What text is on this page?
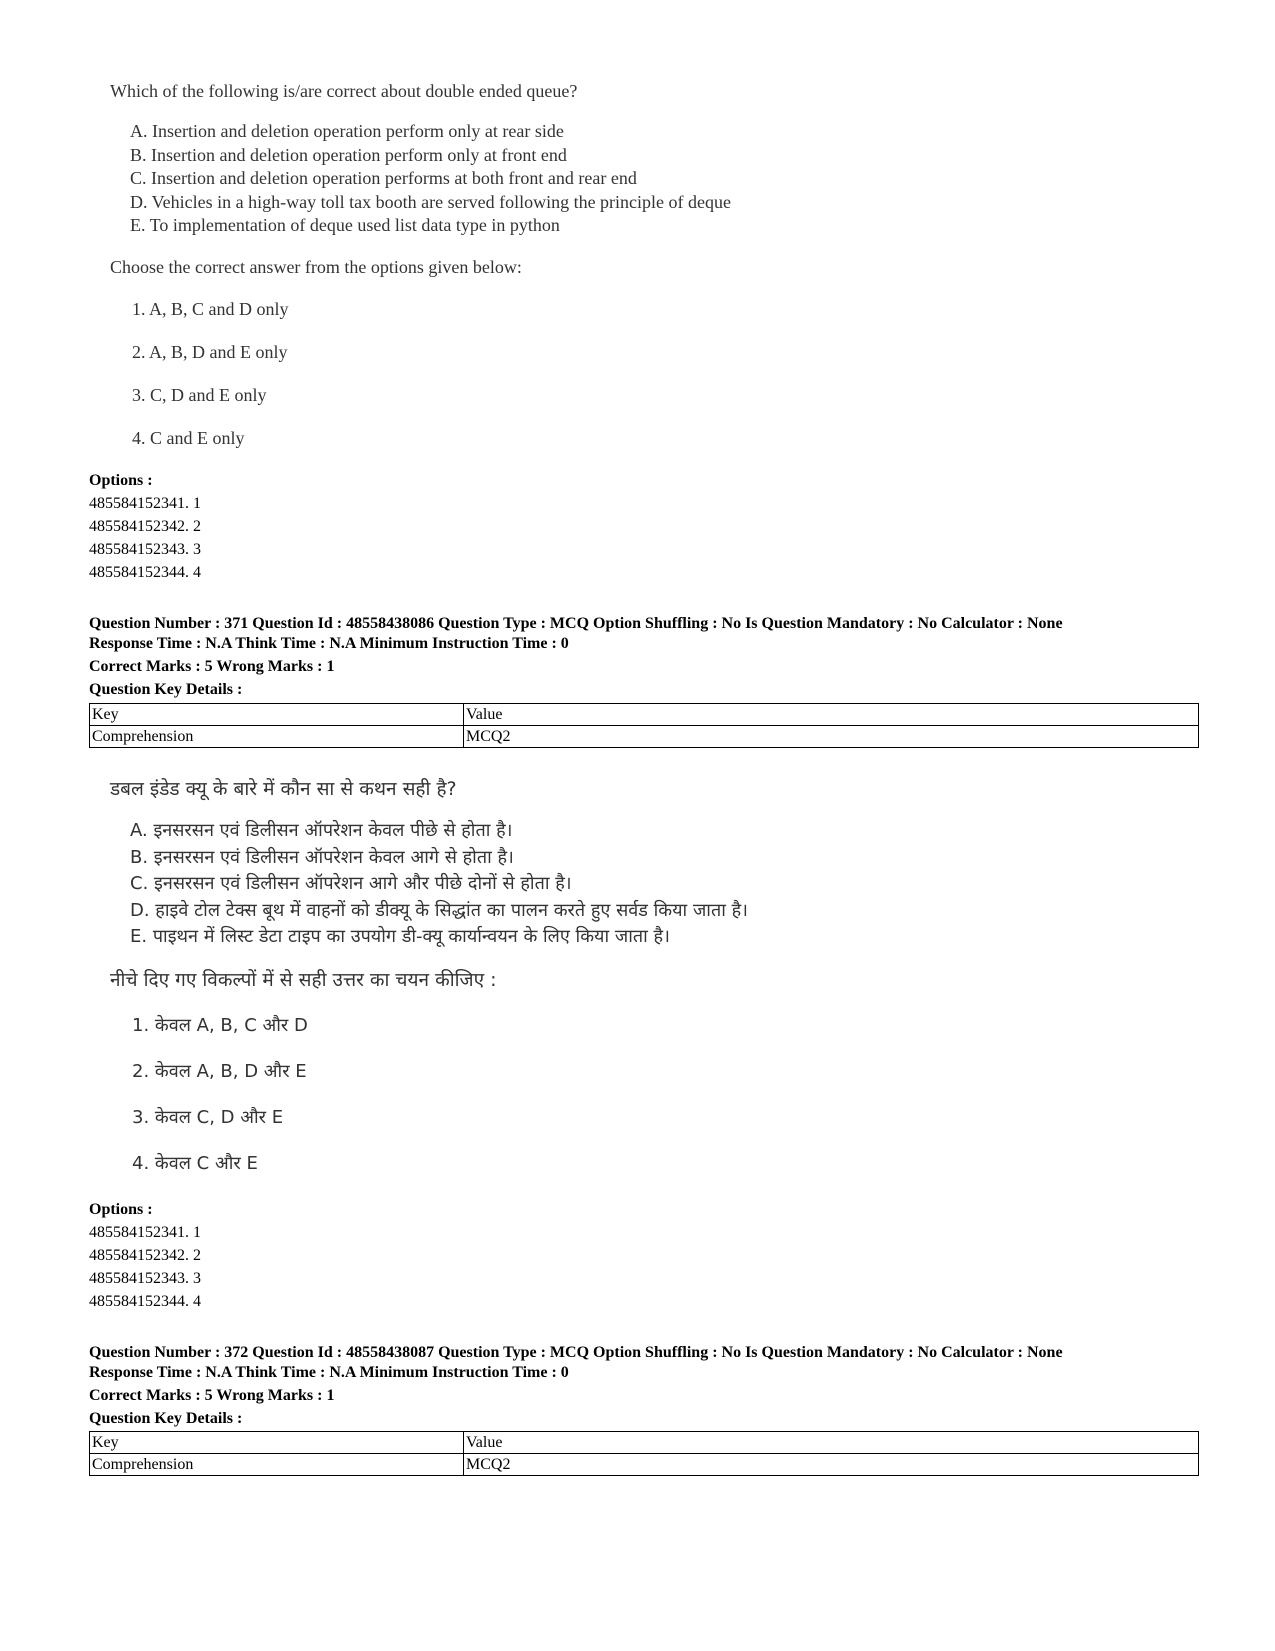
Which of the following is/are correct about double ended queue?

A. Insertion and deletion operation perform only at rear side
B. Insertion and deletion operation perform only at front end
C. Insertion and deletion operation performs at both front and rear end
D. Vehicles in a high-way toll tax booth are served following the principle of deque
E. To implementation of deque used list data type in python
Choose the correct answer from the options given below:
1. A, B, C and D only
2. A, B, D and E only
3. C, D and E only
4. C and E only
Options :
485584152341. 1
485584152342. 2
485584152343. 3
485584152344. 4
Question Number : 371 Question Id : 48558438086 Question Type : MCQ Option Shuffling : No Is Question Mandatory : No Calculator : None
Response Time : N.A Think Time : N.A Minimum Instruction Time : 0
Correct Marks : 5 Wrong Marks : 1
Question Key Details :
Key	Value
Comprehension	MCQ2

डबल इंडेड क्यू के बारे में कौन सा से कथन सही है?

A. इनसरसन एवं डिलीसन ऑपरेशन केवल पीछे से होता है।
B. इनसरसन एवं डिलीसन ऑपरेशन केवल आगे से होता है।
C. इनसरसन एवं डिलीसन ऑपरेशन आगे और पीछे दोनों से होता है।
D. हाइवे टोल टेक्स बूथ में वाहनों को डीक्यू के सिद्धांत का पालन करते हुए सर्वड किया जाता है।
E. पाइथन में लिस्ट डेटा टाइप का उपयोग डी-क्यू कार्यान्वयन के लिए किया जाता है।
नीचे दिए गए विकल्पों में से सही उत्तर का चयन कीजिए :
1. केवल A, B, C और D
2. केवल A, B, D और E
3. केवल C, D और E
4. केवल C और E
Options :
485584152341. 1
485584152342. 2
485584152343. 3
485584152344. 4
Question Number : 372 Question Id : 48558438087 Question Type : MCQ Option Shuffling : No Is Question Mandatory : No Calculator : None
Response Time : N.A Think Time : N.A Minimum Instruction Time : 0
Correct Marks : 5 Wrong Marks : 1
Question Key Details :
Key	Value
Comprehension	MCQ2
